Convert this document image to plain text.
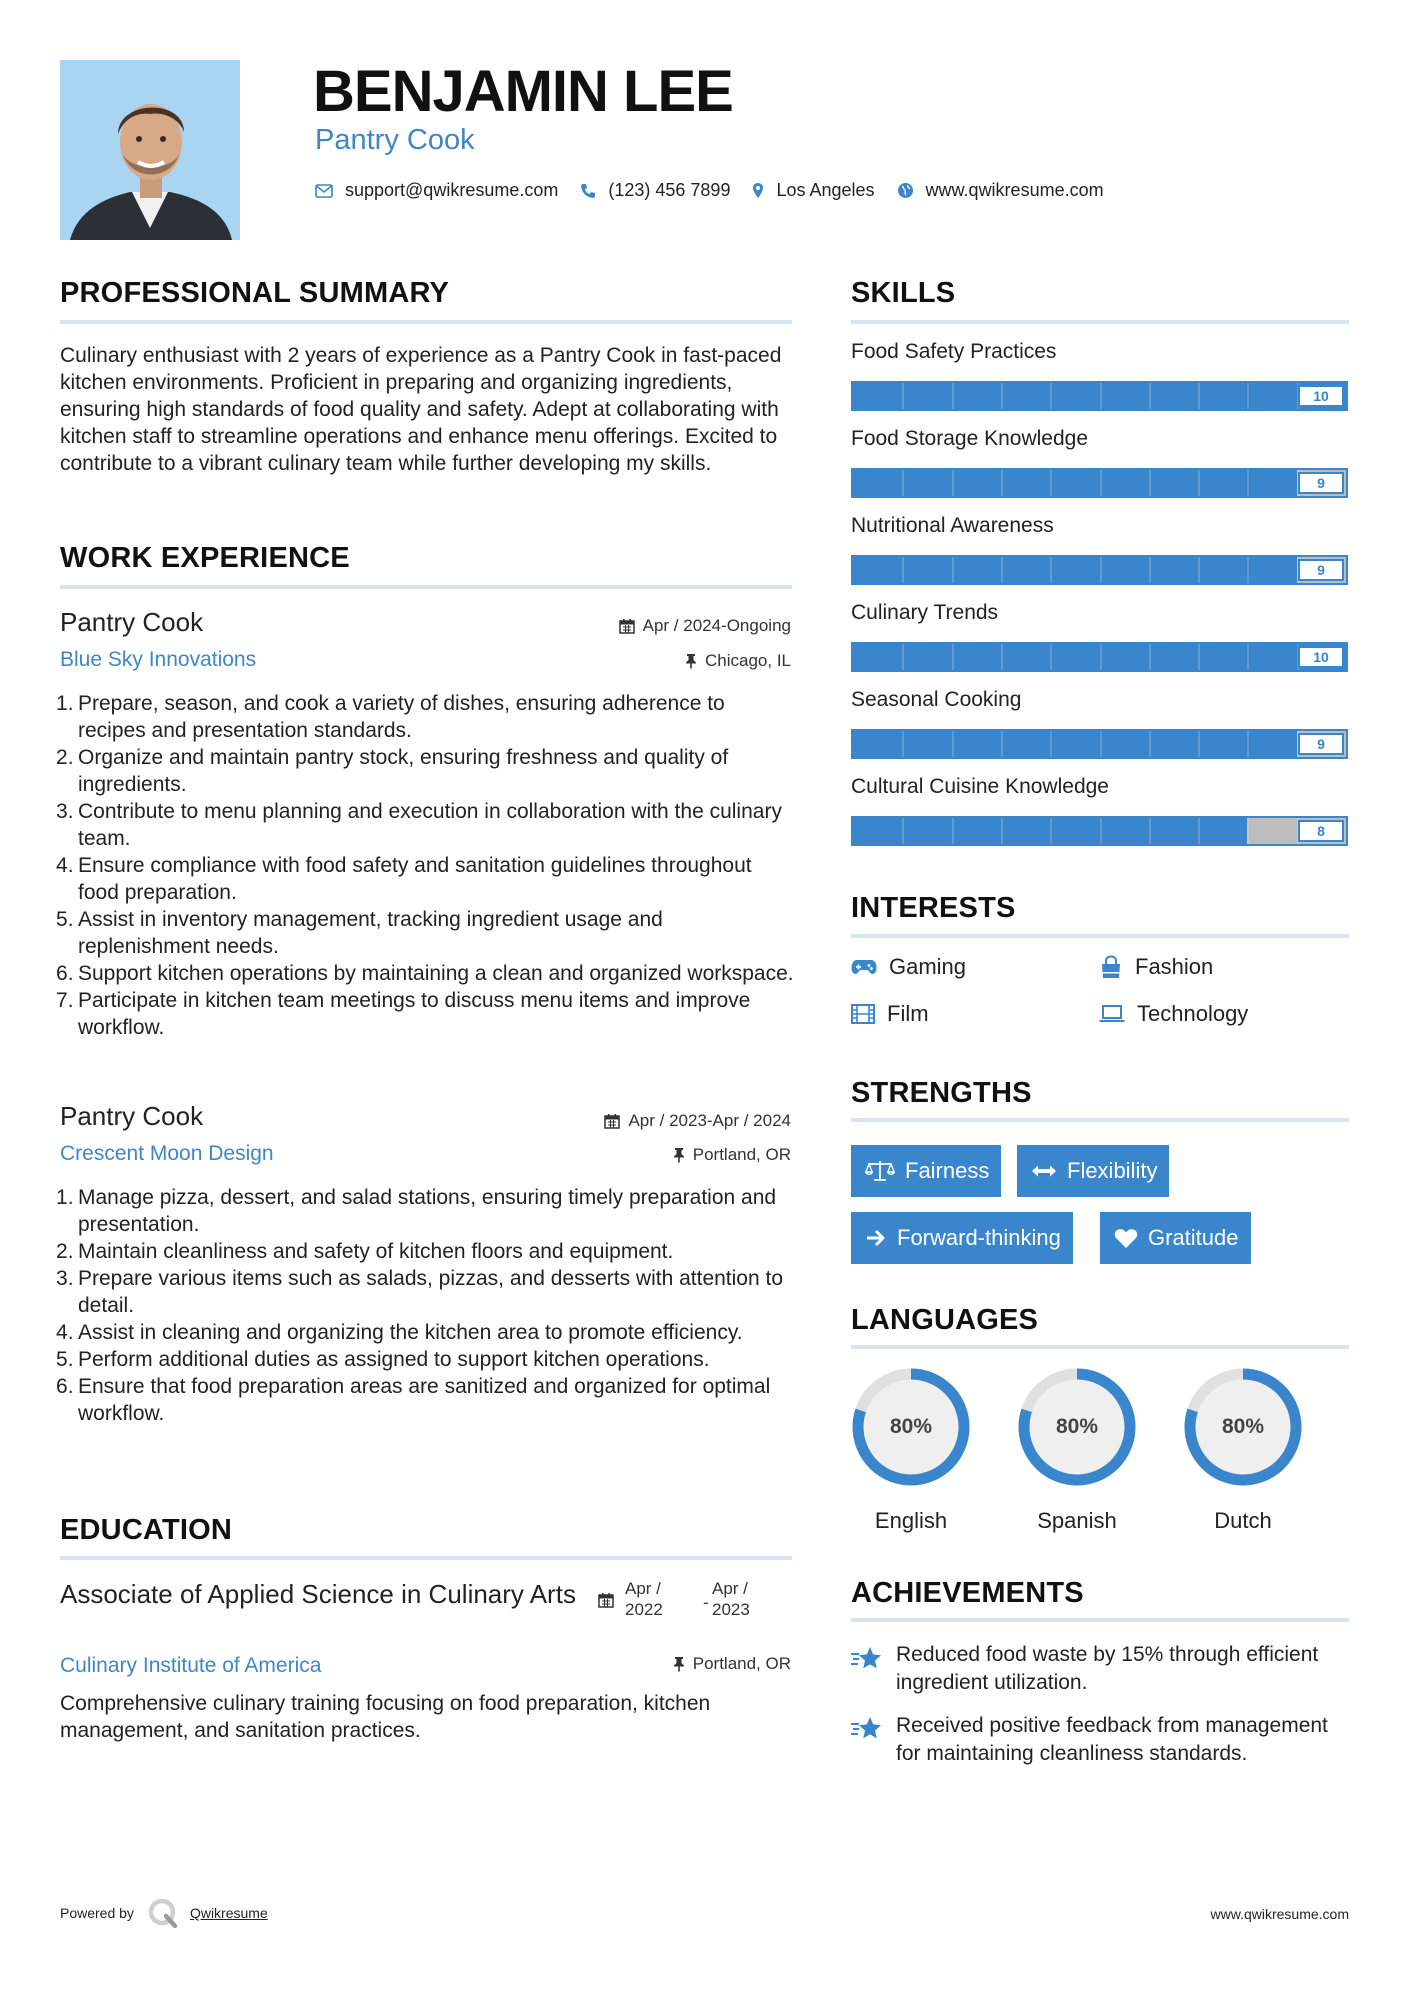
BENJAMIN LEE
Pantry Cook
support@qwikresume.com	(123) 456 7899	Los Angeles	www.qwikresume.com
PROFESSIONAL SUMMARY
Culinary enthusiast with 2 years of experience as a Pantry Cook in fast-paced kitchen environments. Proficient in preparing and organizing ingredients, ensuring high standards of food quality and safety. Adept at collaborating with kitchen staff to streamline operations and enhance menu offerings. Excited to contribute to a vibrant culinary team while further developing my skills.
WORK EXPERIENCE
Pantry Cook
Blue Sky Innovations
Apr / 2024-Ongoing
Chicago, IL
Prepare, season, and cook a variety of dishes, ensuring adherence to recipes and presentation standards.
Organize and maintain pantry stock, ensuring freshness and quality of ingredients.
Contribute to menu planning and execution in collaboration with the culinary team.
Ensure compliance with food safety and sanitation guidelines throughout food preparation.
Assist in inventory management, tracking ingredient usage and replenishment needs.
Support kitchen operations by maintaining a clean and organized workspace.
Participate in kitchen team meetings to discuss menu items and improve workflow.
Pantry Cook
Crescent Moon Design
Apr / 2023-Apr / 2024
Portland, OR
Manage pizza, dessert, and salad stations, ensuring timely preparation and presentation.
Maintain cleanliness and safety of kitchen floors and equipment.
Prepare various items such as salads, pizzas, and desserts with attention to detail.
Assist in cleaning and organizing the kitchen area to promote efficiency.
Perform additional duties as assigned to support kitchen operations.
Ensure that food preparation areas are sanitized and organized for optimal workflow.
EDUCATION
Associate of Applied Science in Culinary Arts
Culinary Institute of America
Apr / 2022	-
Apr / 2023
Portland, OR
Comprehensive culinary training focusing on food preparation, kitchen management, and sanitation practices.
SKILLS
Food Safety Practices
10
Food Storage Knowledge
9
Nutritional Awareness
9
Culinary Trends
10
Seasonal Cooking
9
Cultural Cuisine Knowledge
8
INTERESTS
Gaming	Fashion
Film	Technology
STRENGTHS
Fairness	Flexibility
Forward-thinking	Gratitude
LANGUAGES
80%
English
80%
Spanish
80%
Dutch
ACHIEVEMENTS
Reduced food waste by 15% through efficient ingredient utilization.
Received positive feedback from management for maintaining cleanliness standards.
Powered by	Qwikresume	www.qwikresume.com
